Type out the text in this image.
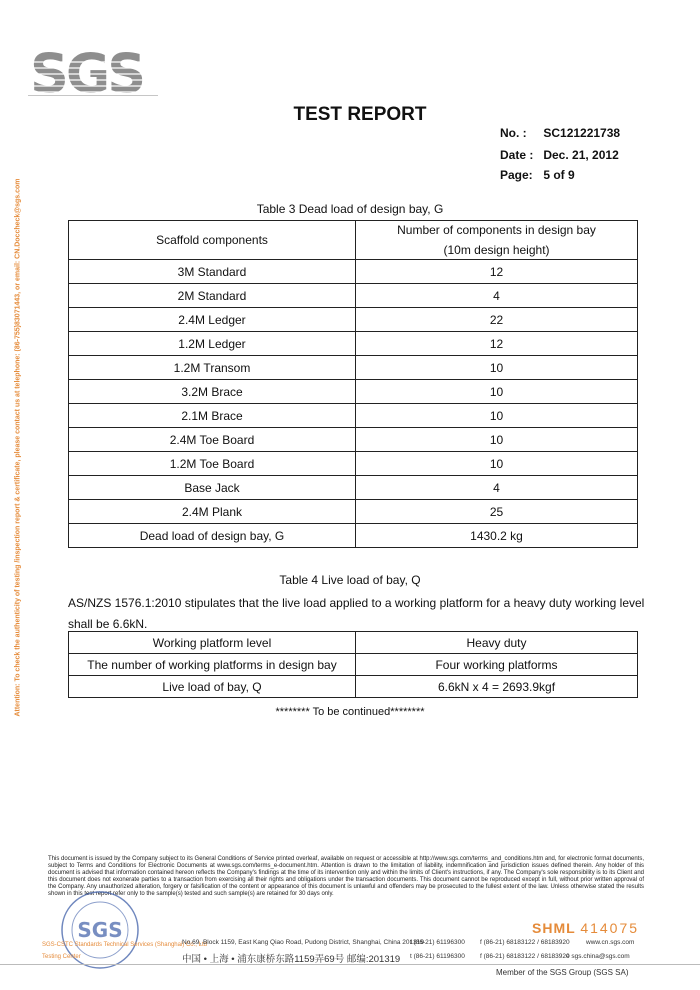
SGS
TEST REPORT
No. : SC121221738
Date : Dec. 21, 2012
Page: 5 of 9
Attention: To check the authenticity of testing /inspection report & certificate, please contact us at telephone: (86-755)83071443, or email: CN.Doccheck@sgs.com	Table 3 Dead load of design bay, G
Scaffold components	Number of components in design bay
(10m design height)

3M Standard	12
2M Standard	4
2.4M Ledger	22
1.2M Ledger	12
1.2M Transom	10
3.2M Brace	10
2.1M Brace	10
2.4M Toe Board	10
1.2M Toe Board	10
Base Jack	4
2.4M Plank	25
Dead load of design bay, G	1430.2 kg
Table 4 Live load of bay, Q
AS/NZS 1576.1:2010 stipulates that the live load applied to a working platform for a heavy duty working level shall be 6.6kN.
Working platform level	Heavy duty
The number of working platforms in design bay	Four working platforms
Live load of bay, Q	6.6kN x 4 = 2693.9kgf
******** To be continued********
This document is issued by the Company subject to its General Conditions of Service printed overleaf, available on request or accessible at http://www.sgs.com/terms_and_conditions.htm and, for electronic format documents, subject to Terms and Conditions for Electronic Documents at www.sgs.com/terms_e-document.htm. Attention is drawn to the limitation of liability, indemnification and jurisdiction issues defined therein. Any holder of this document is advised that information contained hereon reflects the Company's findings at the time of its intervention only and within the limits of Client's instructions, if any. The Company's sole responsibility is to its Client and this document does not exonerate parties to a transaction from exercising all their rights and obligations under the transaction documents. This document cannot be reproduced except in full, without prior written approval of the Company. Any unauthorized alteration, forgery or falsification of the content or appearance of this document is unlawful and offenders may be prosecuted to the fullest extent of the law. Unless otherwise stated the results shown in this test report refer only to the sample(s) tested and such sample(s) are retained for 30 days only.
SGS
SGS-CSTC Standards Technical Services (Shanghai) Co., Ltd
Testing Center
SHML 414075
No.69, Block 1159, East Kang Qiao Road, Pudong District, Shanghai, China 201319
中国 • 上海 • 浦东康桥东路1159弄69号 邮编:201319
t (86-21) 61196300 f (86-21) 68183122 / 68183920	www.cn.sgs.com
t (86-21) 61196300 f (86-21) 68183122 / 68183920
e sgs.china@sgs.com
Member of the SGS Group (SGS SA)
